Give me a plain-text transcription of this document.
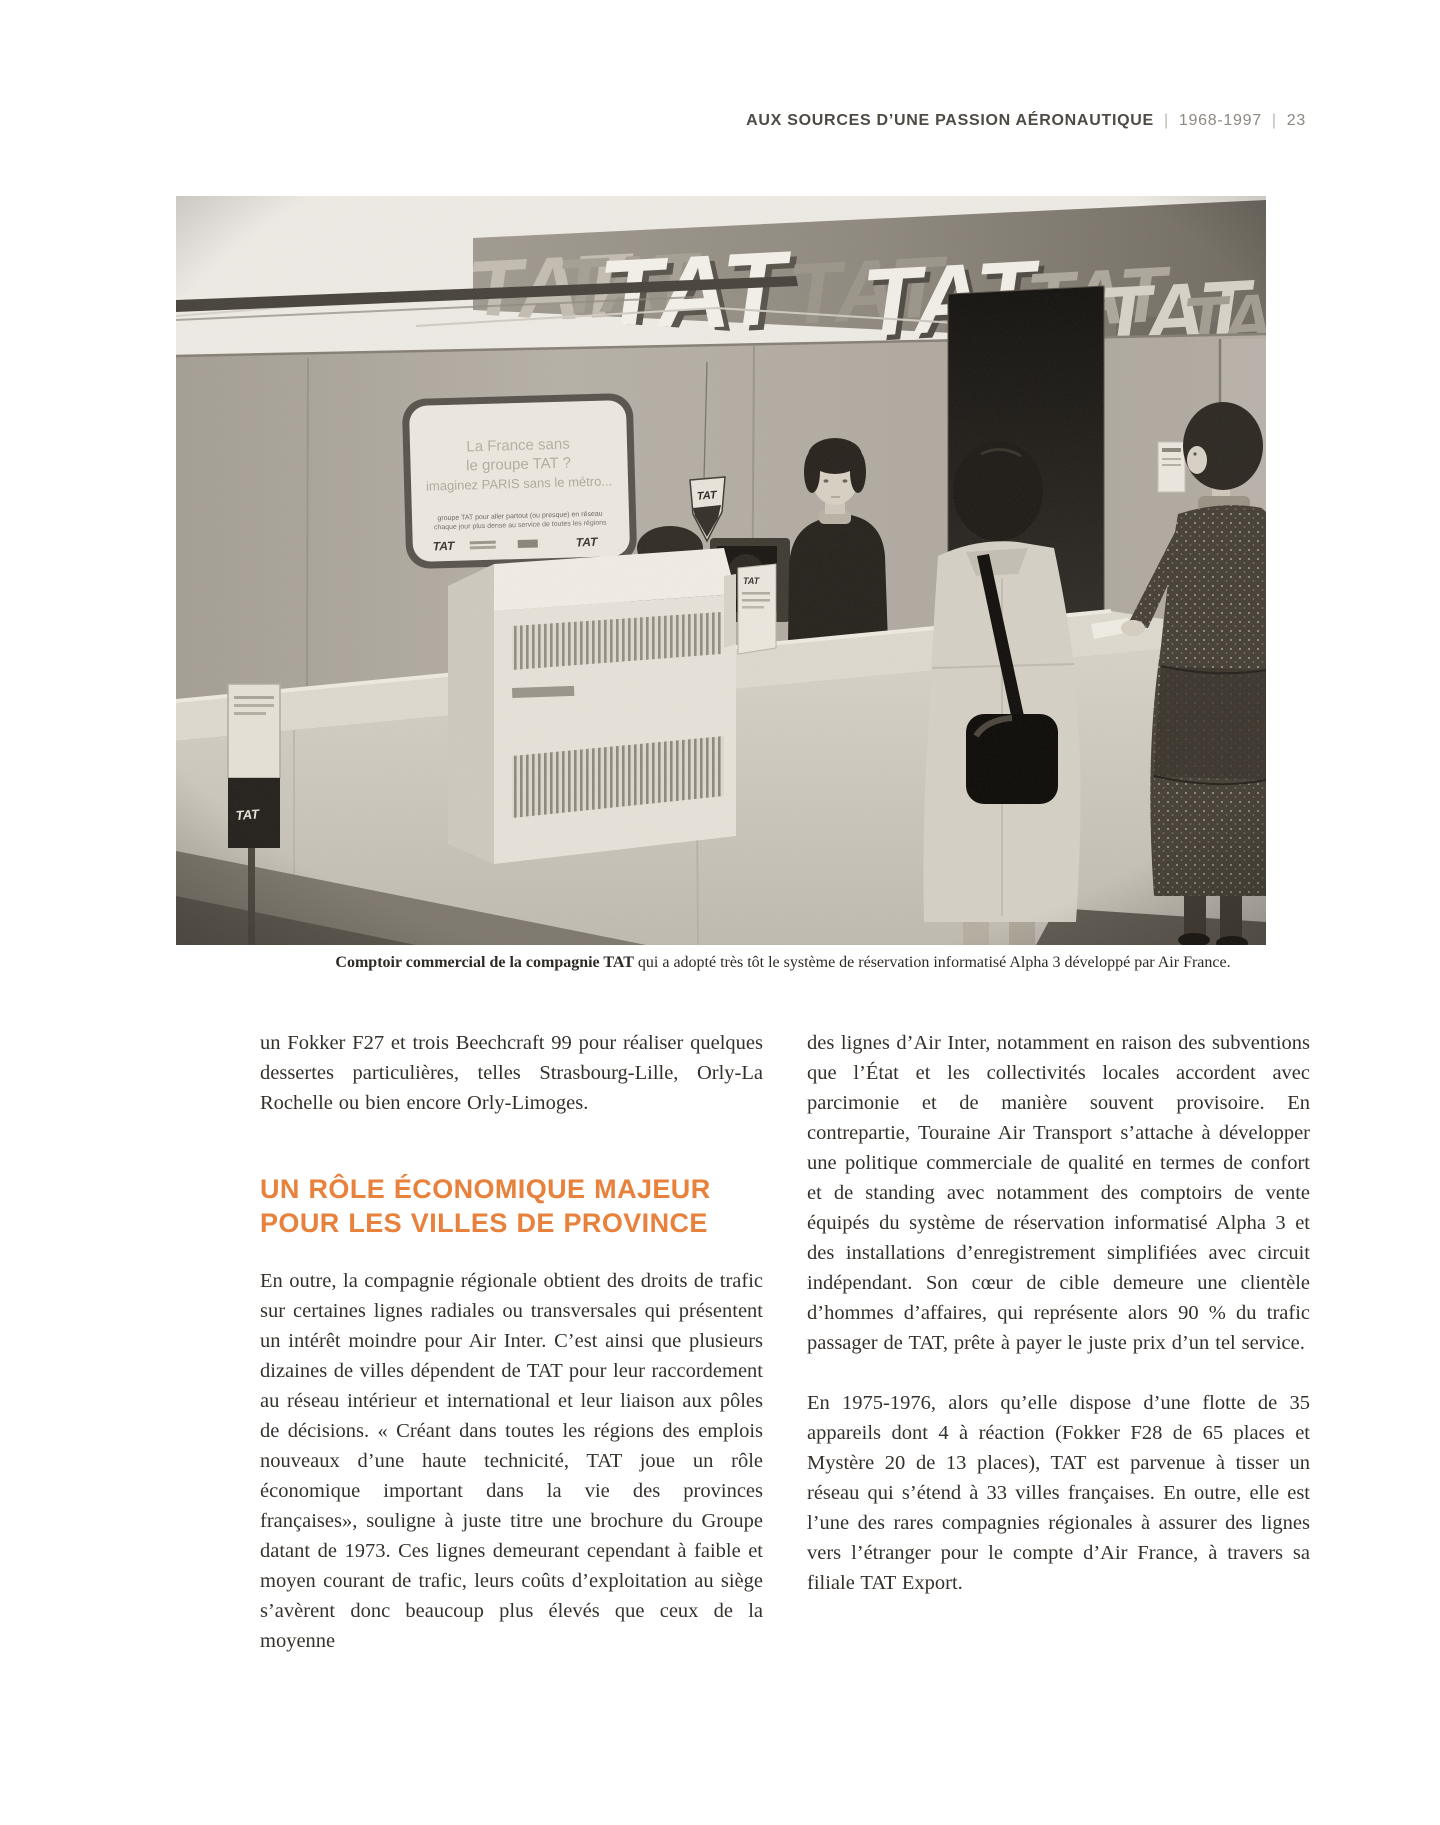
AUX SOURCES D’UNE PASSION AÉRONAUTIQUE | 1968-1997 | 23
Comptoir commercial de la compagnie TAT qui a adopté très tôt le système de réservation informatisé Alpha 3 développé par Air France.

un Fokker F27 et trois Beechcraft 99 pour réaliser quelques dessertes particulières, telles Strasbourg-Lille, Orly-La Rochelle ou bien encore Orly-Limoges.

UN RÔLE ÉCONOMIQUE MAJEUR
POUR LES VILLES DE PROVINCE

En outre, la compagnie régionale obtient des droits de trafic sur certaines lignes radiales ou transversales qui présentent un intérêt moindre pour Air Inter. C’est ainsi que plusieurs dizaines de villes dépendent de TAT pour leur raccordement au réseau intérieur et international et leur liaison aux pôles de décisions. « Créant dans toutes les régions des emplois nouveaux d’une haute technicité, TAT joue un rôle économique important dans la vie des provinces françaises», souligne à juste titre une brochure du Groupe datant de 1973. Ces lignes demeurant cependant à faible et moyen courant de trafic, leurs coûts d’exploitation au siège s’avèrent donc beaucoup plus élevés que ceux de la moyenne

des lignes d’Air Inter, notamment en raison des subventions que l’État et les collectivités locales accordent avec parcimonie et de manière souvent provisoire. En contrepartie, Touraine Air Transport s’attache à développer une politique commerciale de qualité en termes de confort et de standing avec notamment des comptoirs de vente équipés du système de réservation informatisé Alpha 3 et des installations d’enregistrement simplifiées avec circuit indépendant. Son cœur de cible demeure une clientèle d’hommes d’affaires, qui représente alors 90 % du trafic passager de TAT, prête à payer le juste prix d’un tel service.

En 1975-1976, alors qu’elle dispose d’une flotte de 35 appareils dont 4 à réaction (Fokker F28 de 65 places et Mystère 20 de 13 places), TAT est parvenue à tisser un réseau qui s’étend à 33 villes françaises. En outre, elle est l’une des rares compagnies régionales à assurer des lignes vers l’étranger pour le compte d’Air France, à travers sa filiale TAT Export.
